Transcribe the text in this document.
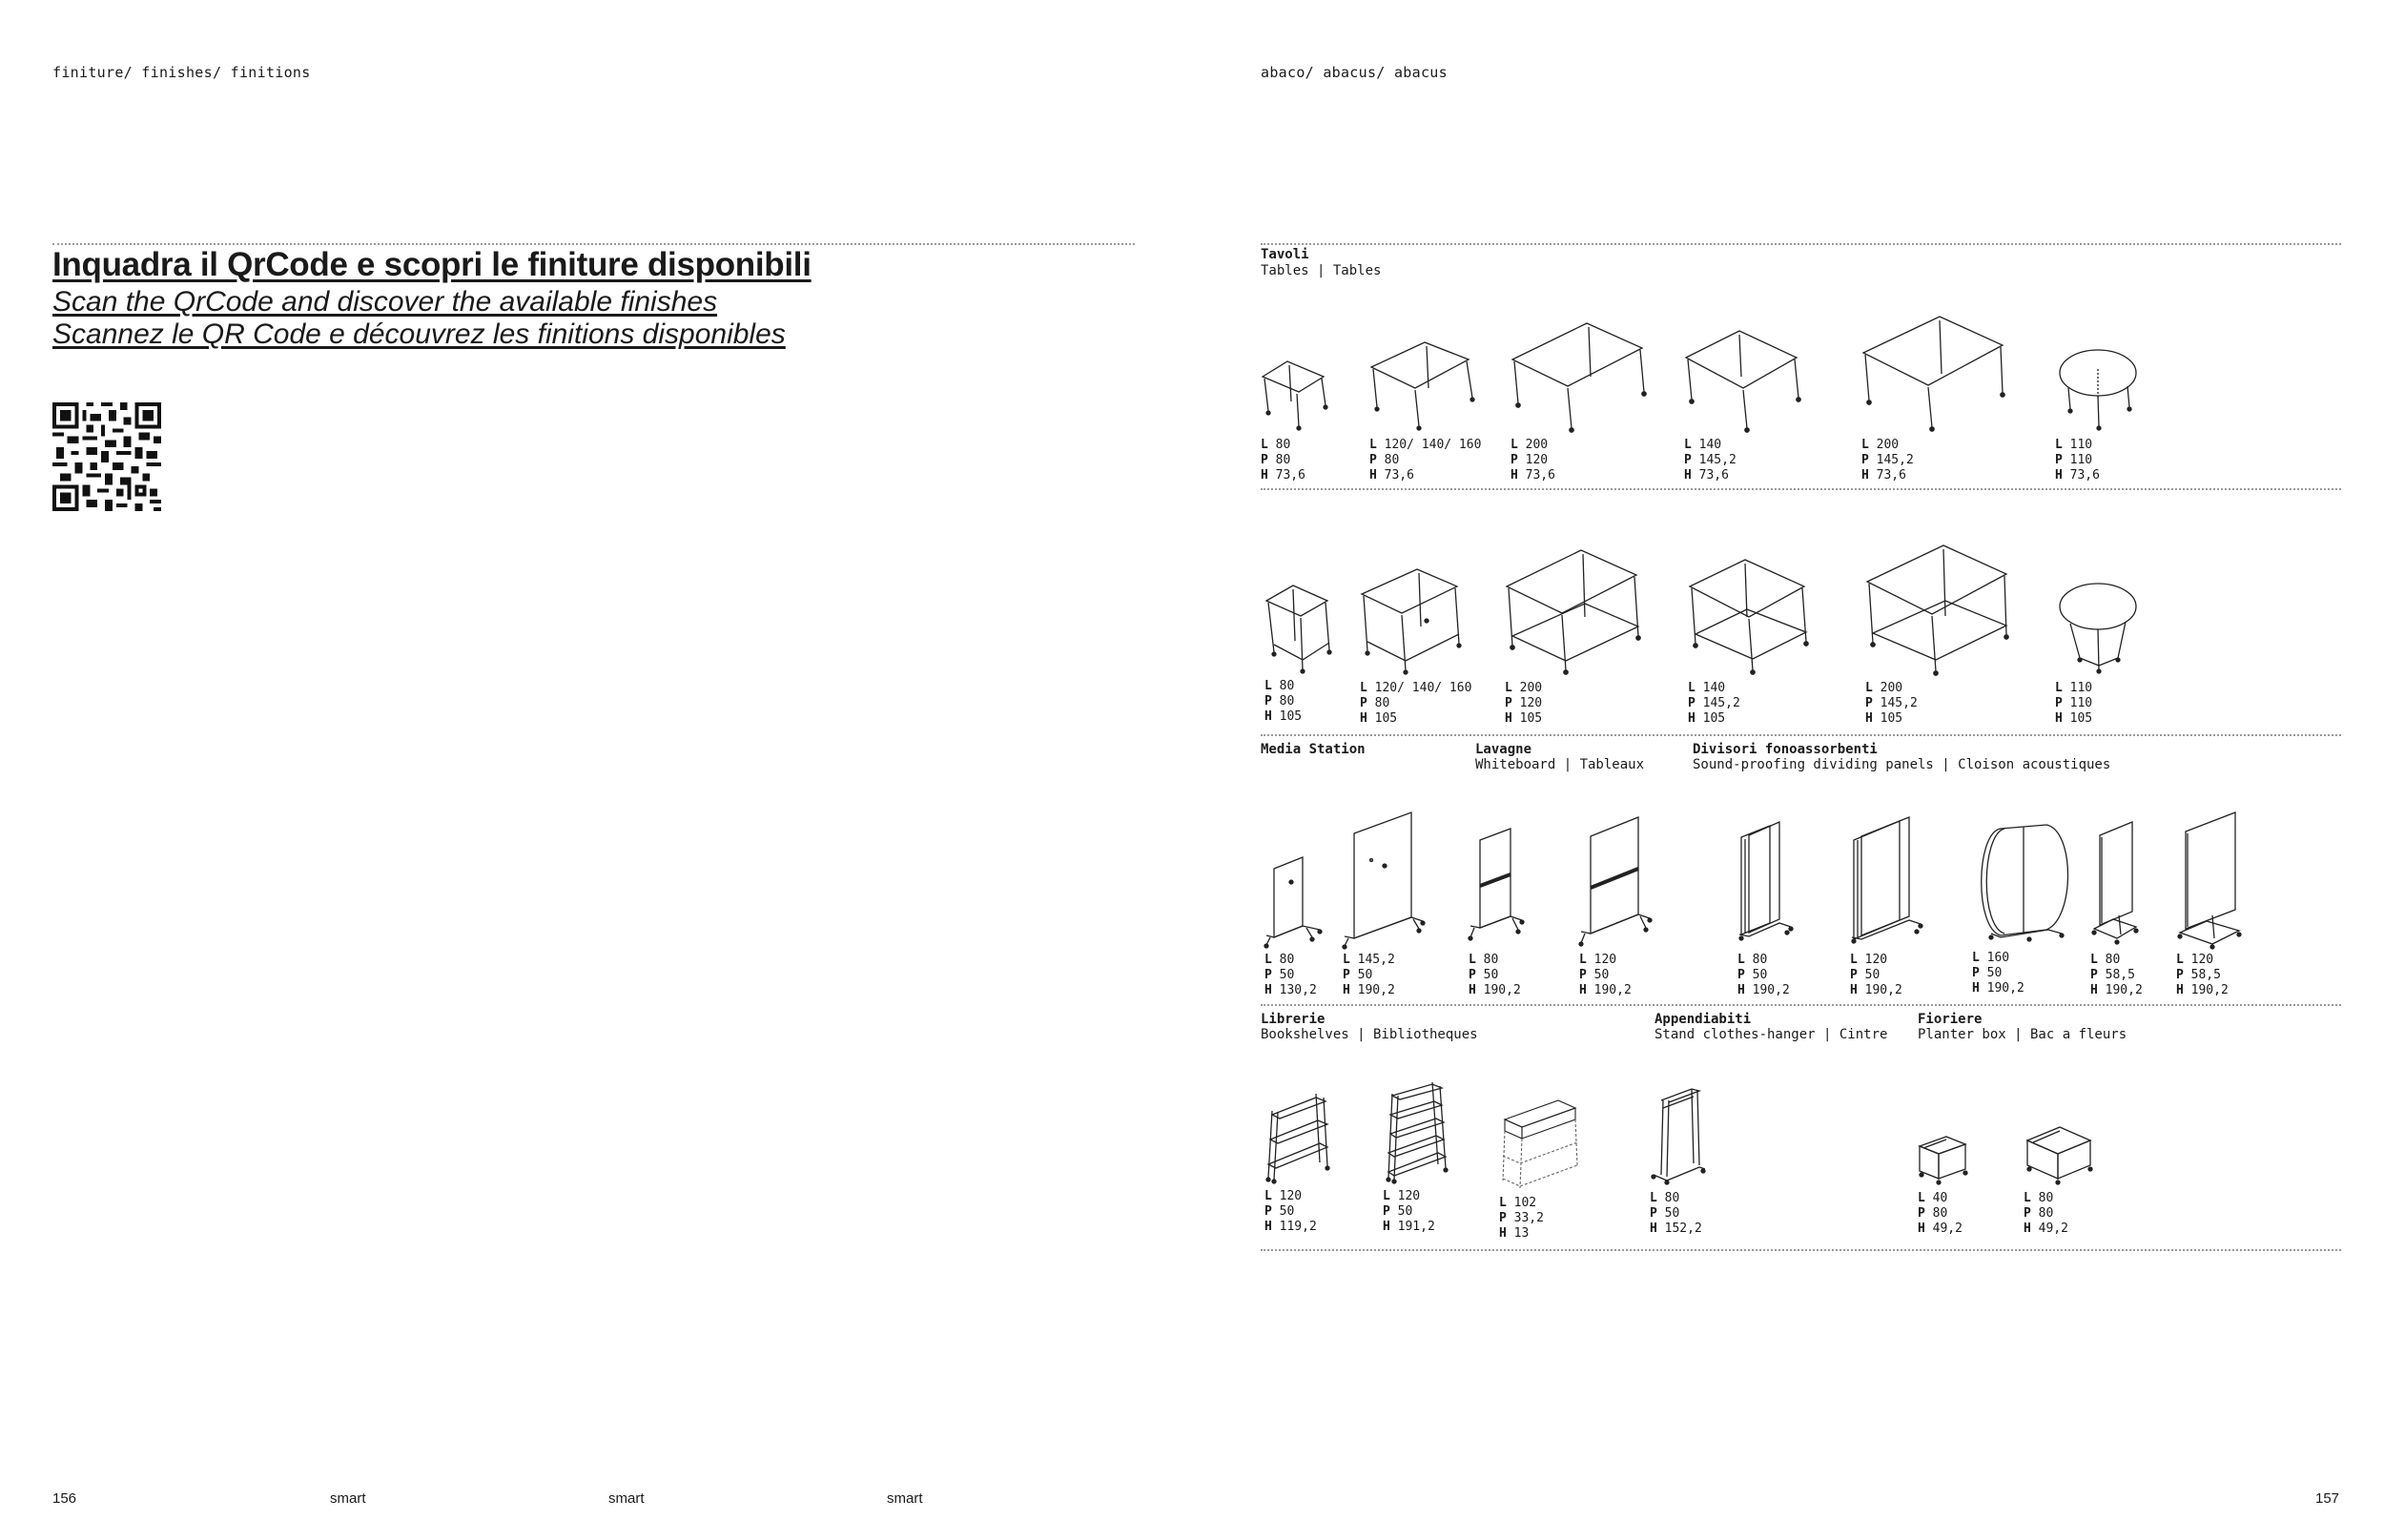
finiture/ finishes/ finitions	abaco/ abacus/ abacus
Inquadra il QrCode e scopri le finiture disponibili
Scan the QrCode and discover the available finishes
Scannez le QR Code e découvrez les finitions disponibles
Tavoli
Tables | Tables
L 80
P 80
H 73,6
L 120/ 140/ 160
P 80
H 73,6
L 200
P 120
H 73,6
L 140
P 145,2
H 73,6
L 200
P 145,2
H 73,6
L 110
P 110
H 73,6
L 80
P 80
H 105
L 120/ 140/ 160
P 80
H 105
L 200
P 120
H 105
L 140
P 145,2
H 105
L 200
P 145,2
H 105
L 110
P 110
H 105
Media Station	Lavagne
Whiteboard | Tableaux
Divisori fonoassorbenti
Sound-proofing dividing panels | Cloison acoustiques
L 80
P 50
H 130,2
L 145,2
P 50
H 190,2
L 80
P 50
H 190,2
L 120
P 50
H 190,2
L 80
P 50
H 190,2
L 120
P 50
H 190,2
L 160
P 50
H 190,2
L 80
P 58,5
H 190,2
L 120
P 58,5
H 190,2
Librerie
Bookshelves | Bibliotheques
Appendiabiti
Stand clothes-hanger | Cintre
Fioriere
Planter box | Bac a fleurs
L 120
P 50
H 119,2
L 120
P 50
H 191,2
L 102
P 33,2
H 13
L 80
P 50
H 152,2
L 40
P 80
H 49,2
L 80
P 80
H 49,2
156	smart	smart	smart	157
